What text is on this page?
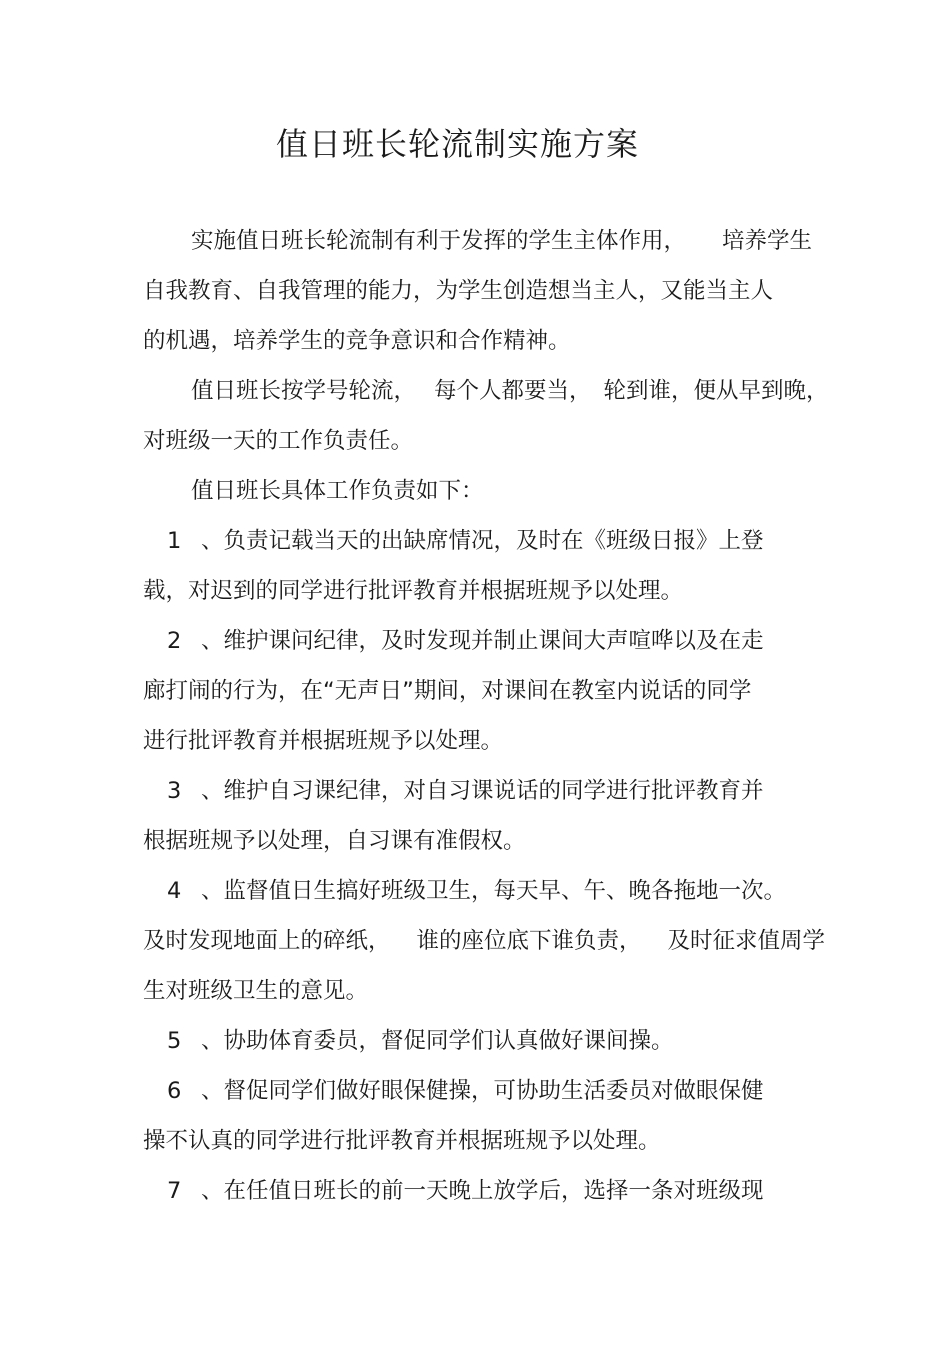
值日班长轮流制实施方案
实施值日班长轮流制有利于发挥的学生主体作用， 培养学生
自我教育、自我管理的能力，为学生创造想当主人，又能当主人
的机遇，培养学生的竞争意识和合作精神。
值日班长按学号轮流， 每个人都要当， 轮到谁，便从早到晚，
对班级一天的工作负责任。
值日班长具体工作负责如下：
1 、负责记载当天的出缺席情况，及时在《班级日报》上登
载，对迟到的同学进行批评教育并根据班规予以处理。
2 、维护课问纪律，及时发现并制止课间大声喧哗以及在走
廊打闹的行为，在“无声日”期间，对课间在教室内说话的同学
进行批评教育并根据班规予以处理。
3 、维护自习课纪律，对自习课说话的同学进行批评教育并
根据班规予以处理，自习课有准假权。
4 、监督值日生搞好班级卫生，每天早、午、晚各拖地一次。
及时发现地面上的碎纸， 谁的座位底下谁负责， 及时征求值周学
生对班级卫生的意见。
5 、协助体育委员，督促同学们认真做好课间操。
6 、督促同学们做好眼保健操，可协助生活委员对做眼保健
操不认真的同学进行批评教育并根据班规予以处理。
7 、在任值日班长的前一天晚上放学后，选择一条对班级现
